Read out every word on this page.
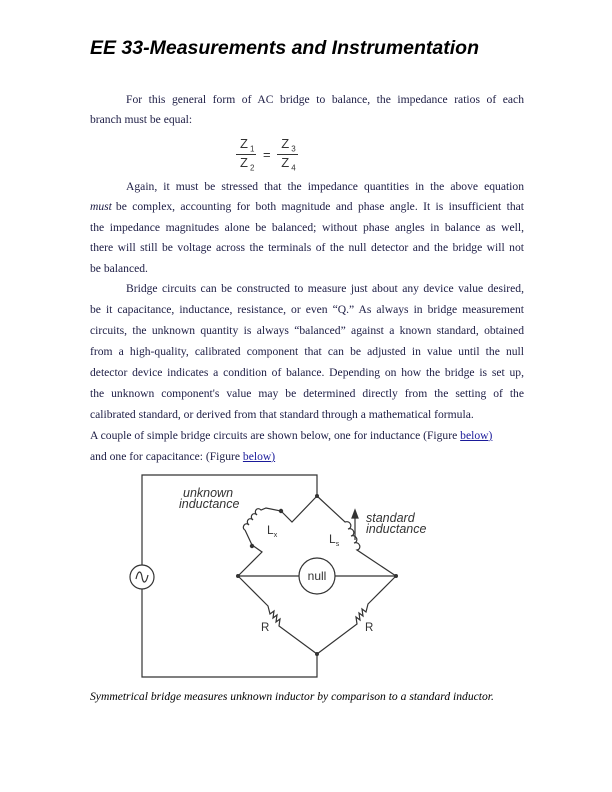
EE 33-Measurements and Instrumentation
For this general form of AC bridge to balance, the impedance ratios of each
branch must be equal:
$\frac{Z _1}{Z _2} = \frac{Z _3}{Z _4}$
Again, it must be stressed that the impedance quantities in the above equation
must be complex, accounting for both magnitude and phase angle. It is insufficient that
the impedance magnitudes alone be balanced; without phase angles in balance as well,
there will still be voltage across the terminals of the null detector and the bridge will not
be balanced.
Bridge circuits can be constructed to measure just about any device value desired,
be it capacitance, inductance, resistance, or even “Q.” As always in bridge measurement
circuits, the unknown quantity is always “balanced” against a known standard, obtained
from a high-quality, calibrated component that can be adjusted in value until the null
detector device indicates a condition of balance. Depending on how the bridge is set up,
the unknown component's value may be determined directly from the setting of the
calibrated standard, or derived from that standard through a mathematical formula.
A couple of simple bridge circuits are shown below, one for inductance (Figure below)
and one for capacitance: (Figure below)
unknown
inductance
$L_x$	$L_s$
standard
inductance
null
R	R
Symmetrical bridge measures unknown inductor by comparison to a standard inductor.
